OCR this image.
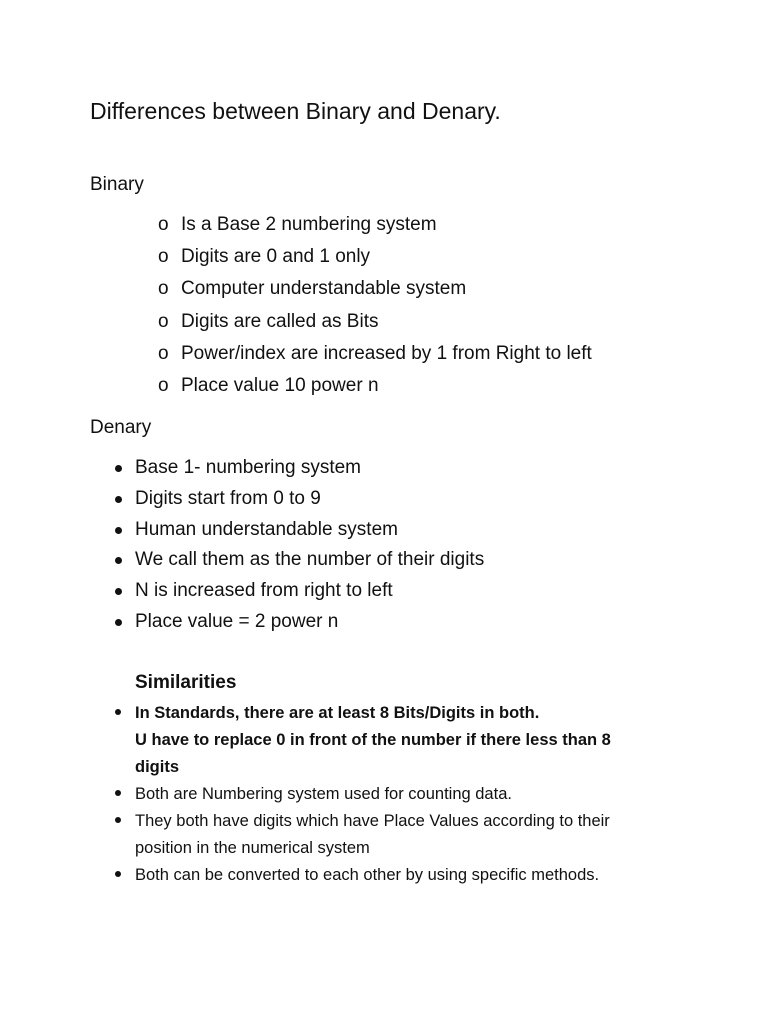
Differences between Binary and Denary.
Binary
o Is a Base 2 numbering system
o Digits are 0 and 1 only
o Computer understandable system
o Digits are called as Bits
o Power/index are increased by 1 from Right to left
o Place value 10 power n
Denary
Base 1- numbering system
Digits start from 0 to 9
Human understandable system
We call them as the number of their digits
N is increased from right to left
Place value = 2 power n
Similarities
In Standards, there are at least 8 Bits/Digits in both.
U have to replace 0 in front of the number if there less than 8
digits
Both are Numbering system used for counting data.
They both have digits which have Place Values according to their
position in the numerical system
Both can be converted to each other by using specific methods.
